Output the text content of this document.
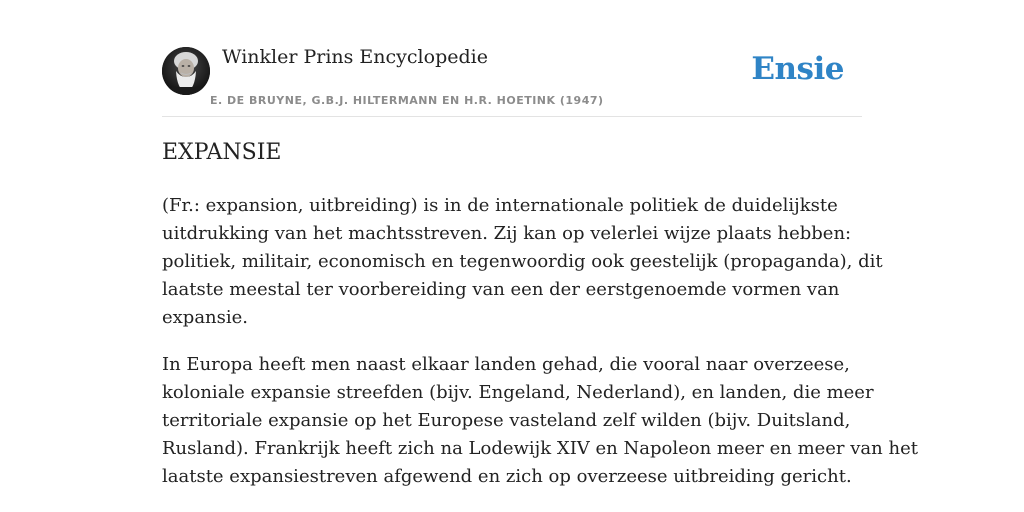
Winkler Prins Encyclopedie
E. DE BRUYNE, G.B.J. HILTERMANN EN H.R. HOETINK (1947)
Ensie
EXPANSIE

(Fr.: expansion, uitbreiding) is in de internationale politiek de duidelijkste
uitdrukking van het machtsstreven. Zij kan op velerlei wijze plaats hebben:
politiek, militair, economisch en tegenwoordig ook geestelijk (propaganda), dit
laatste meestal ter voorbereiding van een der eerstgenoemde vormen van
expansie.

In Europa heeft men naast elkaar landen gehad, die vooral naar overzeese,
koloniale expansie streefden (bijv. Engeland, Nederland), en landen, die meer
territoriale expansie op het Europese vasteland zelf wilden (bijv. Duitsland,
Rusland). Frankrijk heeft zich na Lodewijk XIV en Napoleon meer en meer van het
laatste expansiestreven afgewend en zich op overzeese uitbreiding gericht.
